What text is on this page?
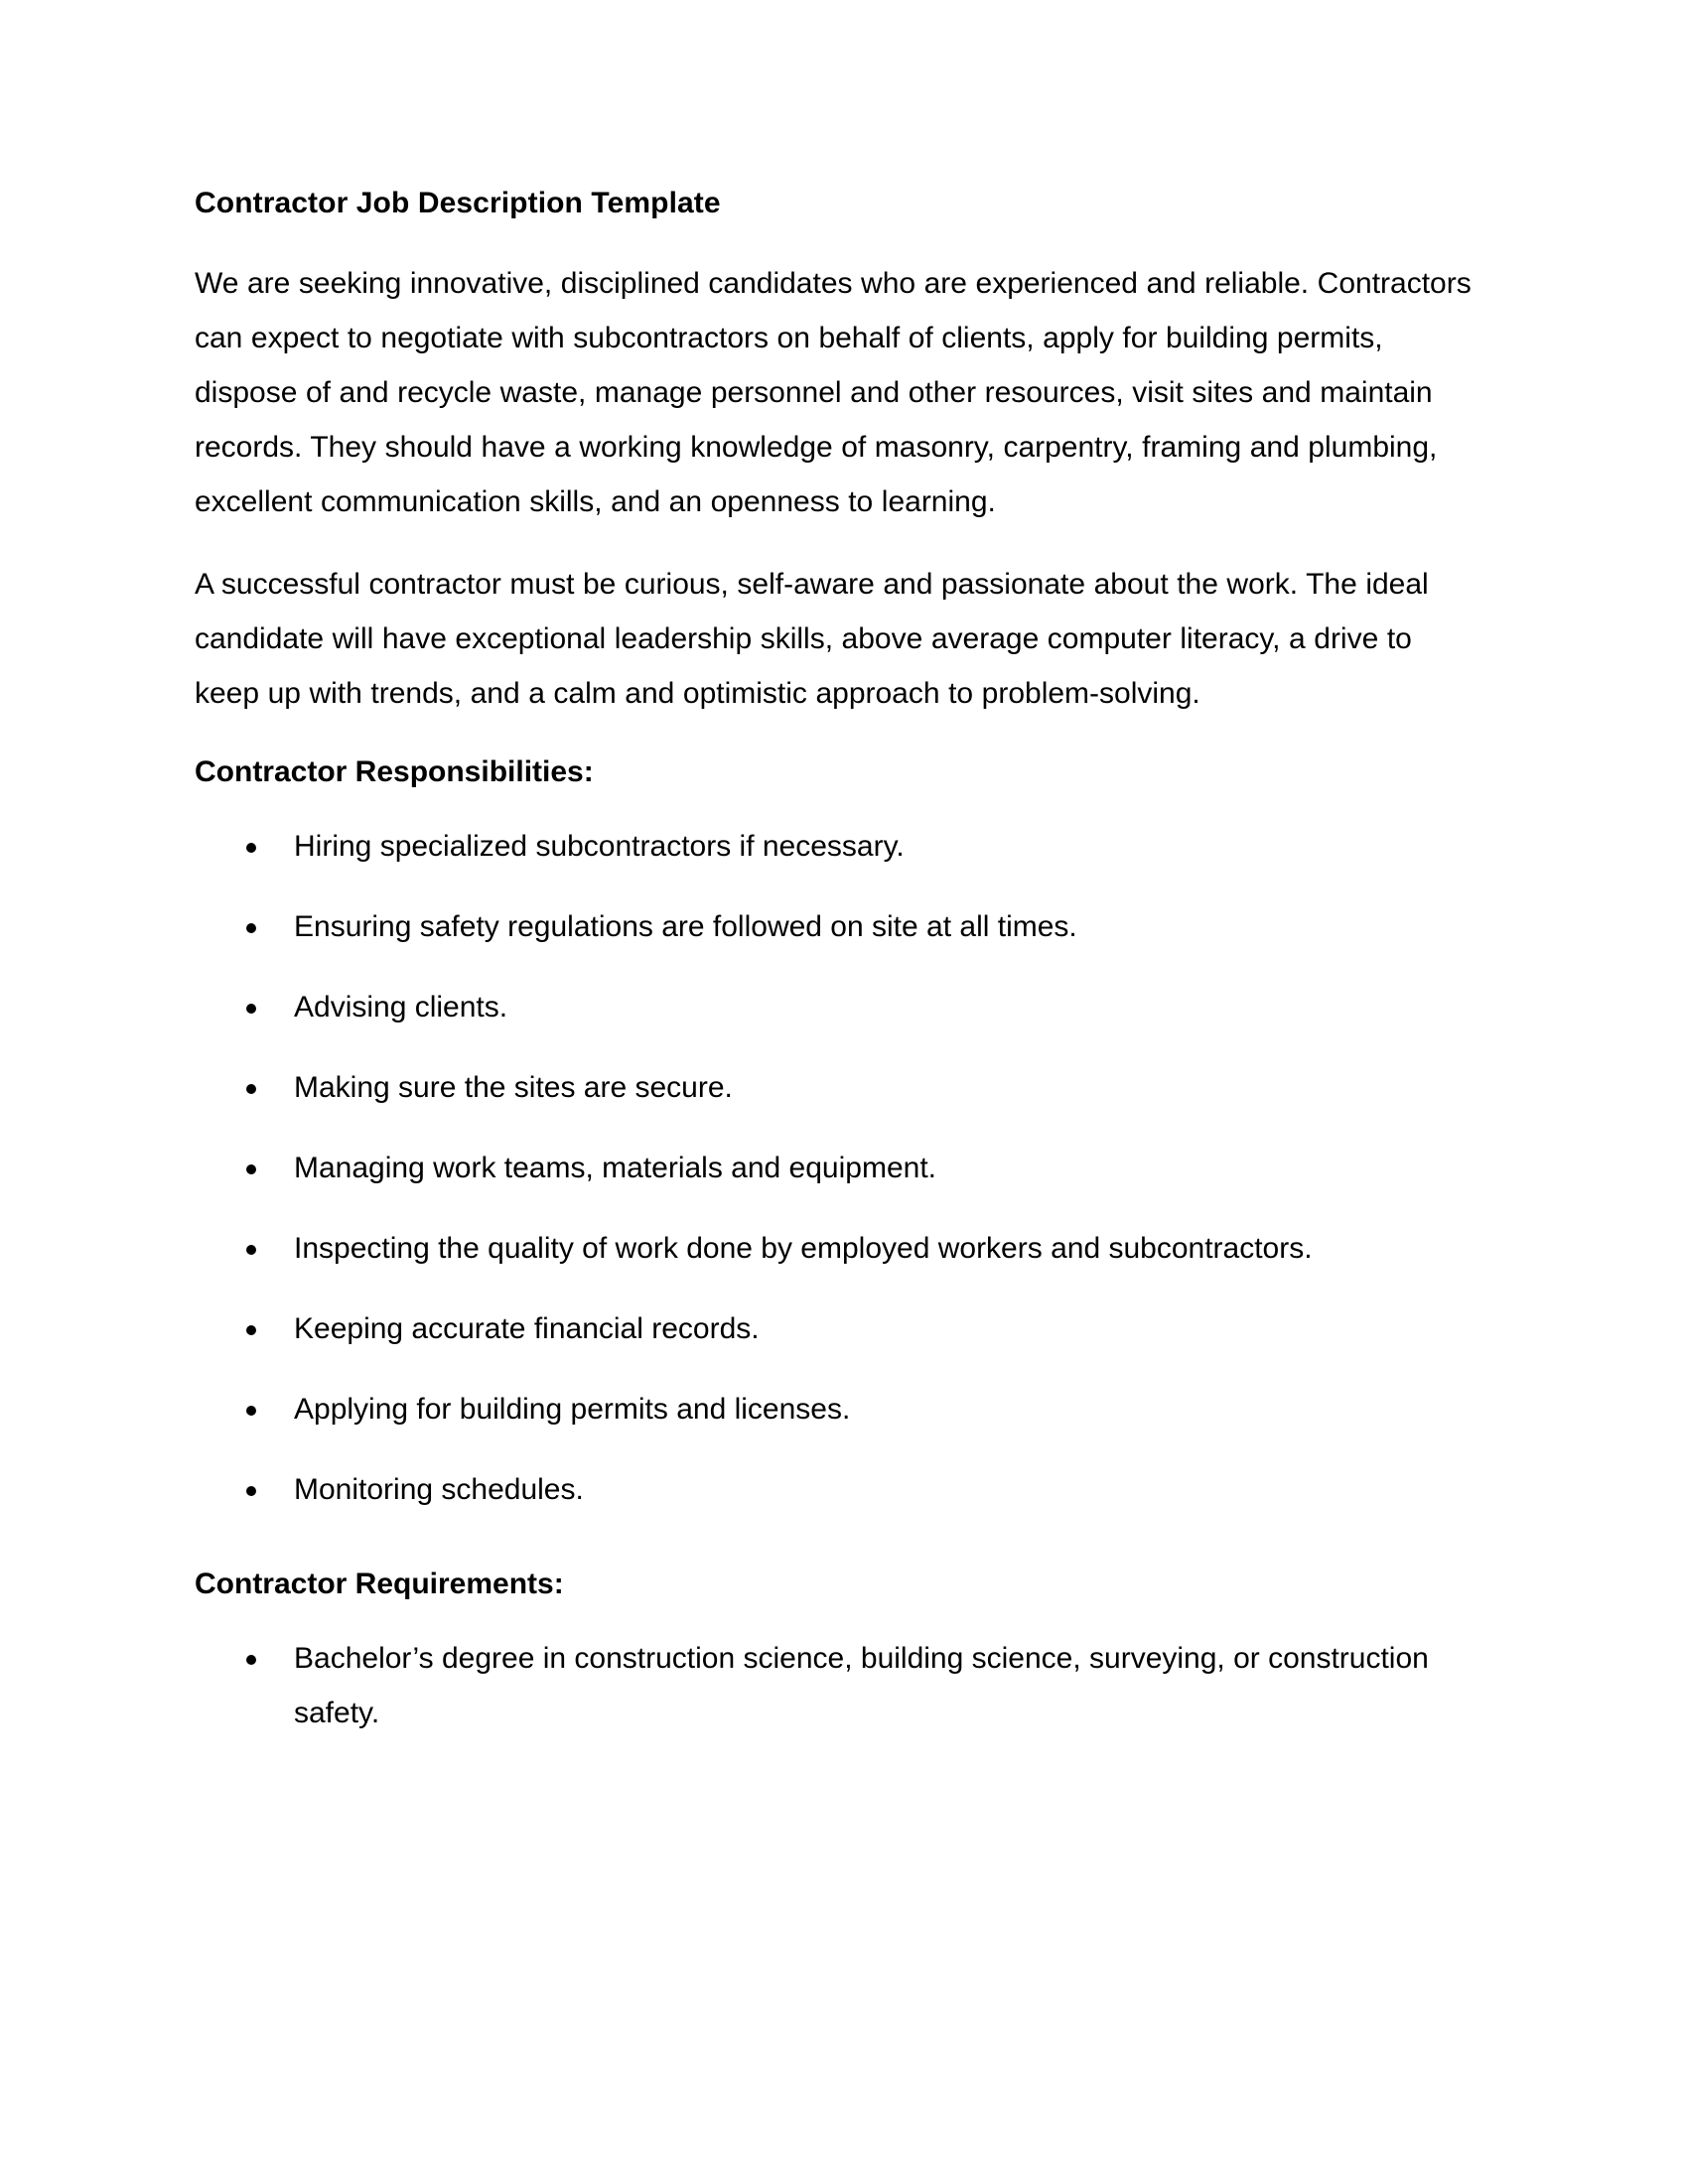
Contractor Job Description Template

We are seeking innovative, disciplined candidates who are experienced and reliable. Contractors can expect to negotiate with subcontractors on behalf of clients, apply for building permits, dispose of and recycle waste, manage personnel and other resources, visit sites and maintain records. They should have a working knowledge of masonry, carpentry, framing and plumbing, excellent communication skills, and an openness to learning.

A successful contractor must be curious, self-aware and passionate about the work. The ideal candidate will have exceptional leadership skills, above average computer literacy, a drive to keep up with trends, and a calm and optimistic approach to problem-solving.

Contractor Responsibilities:
Hiring specialized subcontractors if necessary.
Ensuring safety regulations are followed on site at all times.
Advising clients.
Making sure the sites are secure.
Managing work teams, materials and equipment.
Inspecting the quality of work done by employed workers and subcontractors.
Keeping accurate financial records.
Applying for building permits and licenses.
Monitoring schedules.
Contractor Requirements:
Bachelor’s degree in construction science, building science, surveying, or construction safety.
